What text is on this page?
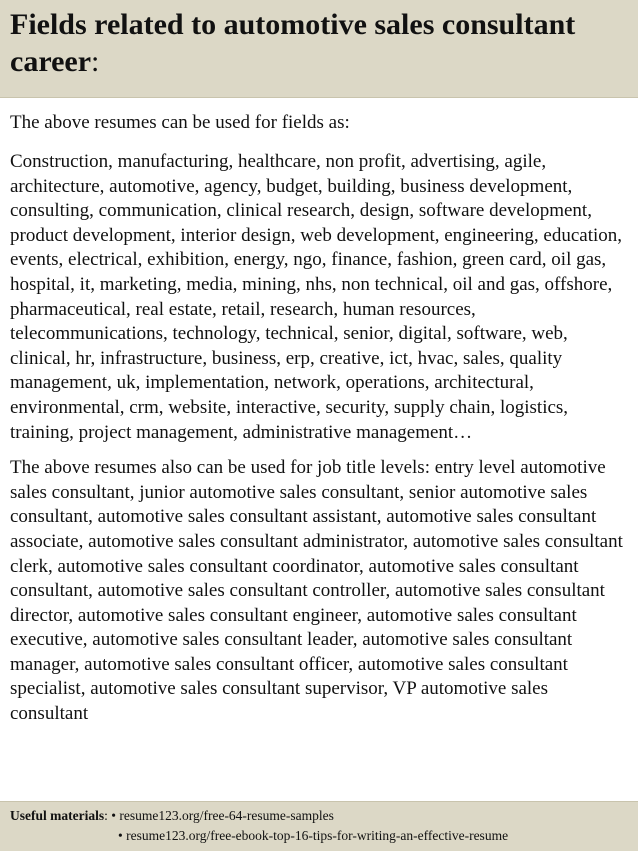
Fields related to automotive sales consultant career:

The above resumes can be used for fields as:

Construction, manufacturing, healthcare, non profit, advertising, agile, architecture, automotive, agency, budget, building, business development, consulting, communication, clinical research, design, software development, product development, interior design, web development, engineering, education, events, electrical, exhibition, energy, ngo, finance, fashion, green card, oil gas, hospital, it, marketing, media, mining, nhs, non technical, oil and gas, offshore, pharmaceutical, real estate, retail, research, human resources, telecommunications, technology, technical, senior, digital, software, web, clinical, hr, infrastructure, business, erp, creative, ict, hvac, sales, quality management, uk, implementation, network, operations, architectural, environmental, crm, website, interactive, security, supply chain, logistics, training, project management, administrative management…

The above resumes also can be used for job title levels: entry level automotive sales consultant, junior automotive sales consultant, senior automotive sales consultant, automotive sales consultant assistant, automotive sales consultant associate, automotive sales consultant administrator, automotive sales consultant clerk, automotive sales consultant coordinator, automotive sales consultant consultant, automotive sales consultant controller, automotive sales consultant director, automotive sales consultant engineer, automotive sales consultant executive, automotive sales consultant leader, automotive sales consultant manager, automotive sales consultant officer, automotive sales consultant specialist, automotive sales consultant supervisor, VP automotive sales consultant

Useful materials: • resume123.org/free-64-resume-samples
• resume123.org/free-ebook-top-16-tips-for-writing-an-effective-resume
